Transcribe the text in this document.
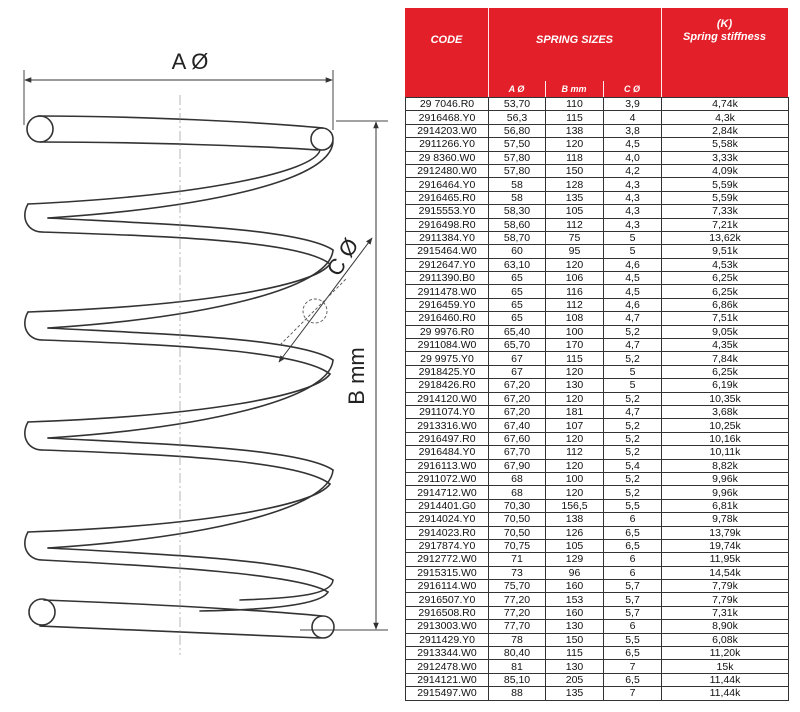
A Ø
B mm
C Ø
CODE	SPRING SIZES
(K)
Spring stiffness
A Ø	B mm	C Ø
29 7046.R0	53,70	110	3,9	4,74k
2916468.Y0	56,3	115	4	4,3k
2914203.W0	56,80	138	3,8	2,84k
2911266.Y0	57,50	120	4,5	5,58k
29 8360.W0	57,80	118	4,0	3,33k
2912480.W0	57,80	150	4,2	4,09k
2916464.Y0	58	128	4,3	5,59k
2916465.R0	58	135	4,3	5,59k
2915553.Y0	58,30	105	4,3	7,33k
2916498.R0	58,60	112	4,3	7,21k
2911384.Y0	58,70	75	5	13,62k
2915464.W0	60	95	5	9,51k
2912647.Y0	63,10	120	4,6	4,53k
2911390.B0	65	106	4,5	6,25k
2911478.W0	65	116	4,5	6,25k
2916459.Y0	65	112	4,6	6,86k
2916460.R0	65	108	4,7	7,51k
29 9976.R0	65,40	100	5,2	9,05k
2911084.W0	65,70	170	4,7	4,35k
29 9975.Y0	67	115	5,2	7,84k
2918425.Y0	67	120	5	6,25k
2918426.R0	67,20	130	5	6,19k
2914120.W0	67,20	120	5,2	10,35k
2911074.Y0	67,20	181	4,7	3,68k
2913316.W0	67,40	107	5,2	10,25k
2916497.R0	67,60	120	5,2	10,16k
2916484.Y0	67,70	112	5,2	10,11k
2916113.W0	67,90	120	5,4	8,82k
2911072.W0	68	100	5,2	9,96k
2914712.W0	68	120	5,2	9,96k
2914401.G0	70,30	156,5	5,5	6,81k
2914024.Y0	70,50	138	6	9,78k
2914023.R0	70,50	126	6,5	13,79k
2917874.Y0	70,75	105	6,5	19,74k
2912772.W0	71	129	6	11,95k
2915315.W0	73	96	6	14,54k
2916114.W0	75,70	160	5,7	7,79k
2916507.Y0	77,20	153	5,7	7,79k
2916508.R0	77,20	160	5,7	7,31k
2913003.W0	77,70	130	6	8,90k
2911429.Y0	78	150	5,5	6,08k
2913344.W0	80,40	115	6,5	11,20k
2912478.W0	81	130	7	15k
2914121.W0	85,10	205	6,5	11,44k
2915497.W0	88	135	7	11,44k
